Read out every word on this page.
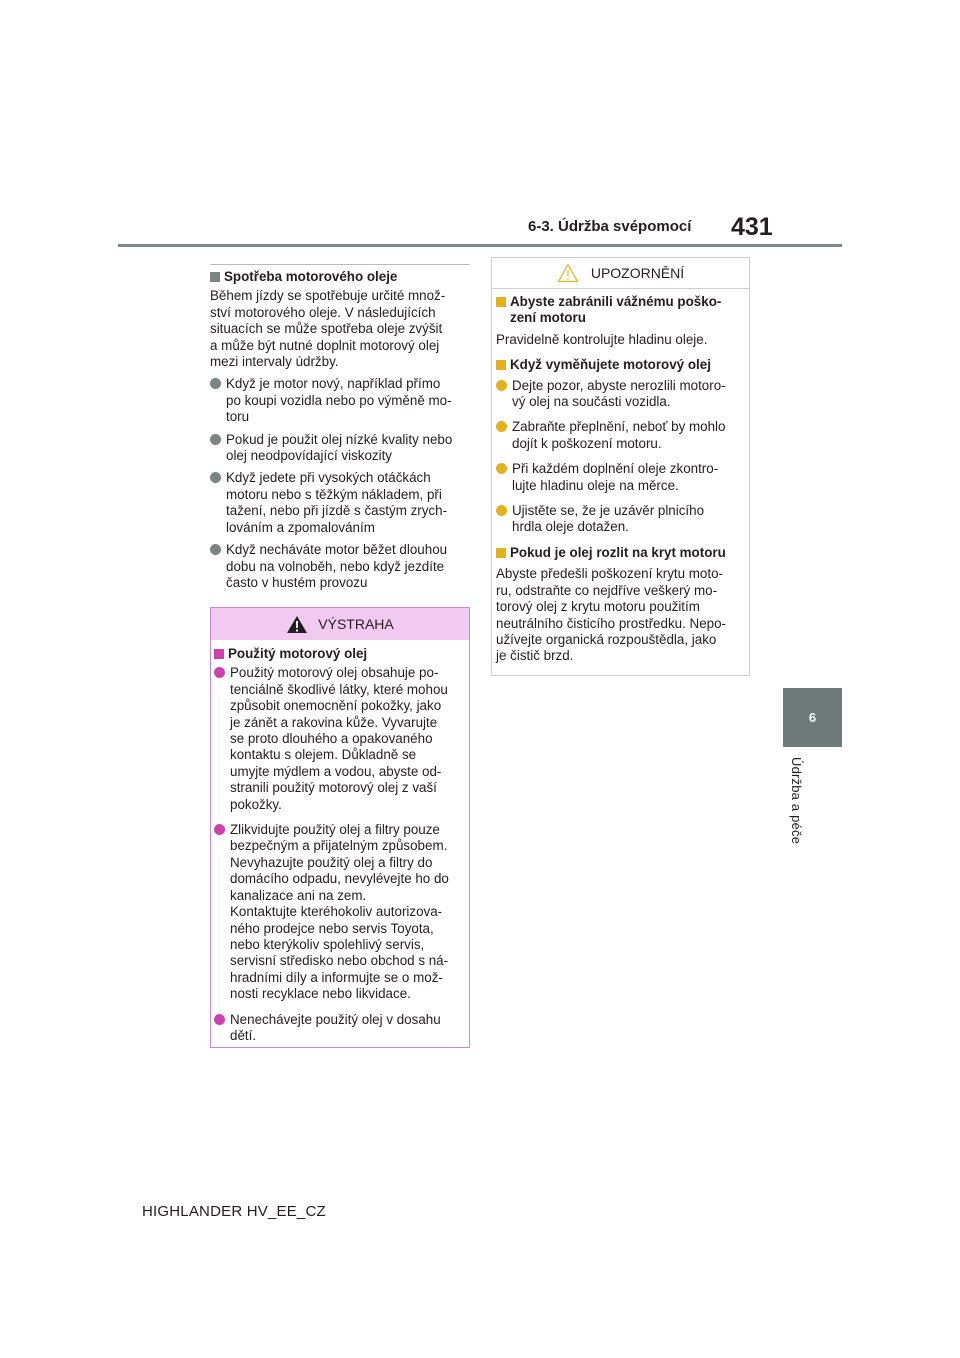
6-3. Údržba svépomocí 431
6
Údržba a péče
Spotřeba motorového oleje
Během jízdy se spotřebuje určité množ-
ství motorového oleje. V následujících
situacích se může spotřeba oleje zvýšit
a může být nutné doplnit motorový olej
mezi intervaly údržby.
Když je motor nový, například přímo
po koupi vozidla nebo po výměně mo-
toru
Pokud je použit olej nízké kvality nebo
olej neodpovídající viskozity
Když jedete při vysokých otáčkách
motoru nebo s těžkým nákladem, při
tažení, nebo při jízdě s častým zrych-
lováním a zpomalováním
Když necháváte motor běžet dlouhou
dobu na volnoběh, nebo když jezdíte
často v hustém provozu
VÝSTRAHA
Použitý motorový olej
Použitý motorový olej obsahuje po-
tenciálně škodlivé látky, které mohou
způsobit onemocnění pokožky, jako
je zánět a rakovina kůže. Vyvarujte
se proto dlouhého a opakovaného
kontaktu s olejem. Důkladně se
umyjte mýdlem a vodou, abyste od-
stranili použitý motorový olej z vaší
pokožky.
Zlikvidujte použitý olej a filtry pouze
bezpečným a přijatelným způsobem.
Nevyhazujte použitý olej a filtry do
domácího odpadu, nevylévejte ho do
kanalizace ani na zem.
Kontaktujte kteréhokoliv autorizova-
ného prodejce nebo servis Toyota,
nebo kterýkoliv spolehlivý servis,
servisní středisko nebo obchod s ná-
hradními díly a informujte se o mož-
nosti recyklace nebo likvidace.
Nenechávejte použitý olej v dosahu
dětí.
UPOZORNĚNÍ
Abyste zabránili vážnému poško-
zení motoru
Pravidelně kontrolujte hladinu oleje.
Když vyměňujete motorový olej
Dejte pozor, abyste nerozlili motoro-
vý olej na součásti vozidla.
Zabraňte přeplnění, neboť by mohlo
dojít k poškození motoru.
Při každém doplnění oleje zkontro-
lujte hladinu oleje na měrce.
Ujistěte se, že je uzávěr plnicího
hrdla oleje dotažen.
Pokud je olej rozlit na kryt motoru
Abyste předešli poškození krytu moto-
ru, odstraňte co nejdříve veškerý mo-
torový olej z krytu motoru použitím
neutrálního čisticího prostředku. Nepo-
užívejte organická rozpouštědla, jako
je čistič brzd.
HIGHLANDER HV_EE_CZ
